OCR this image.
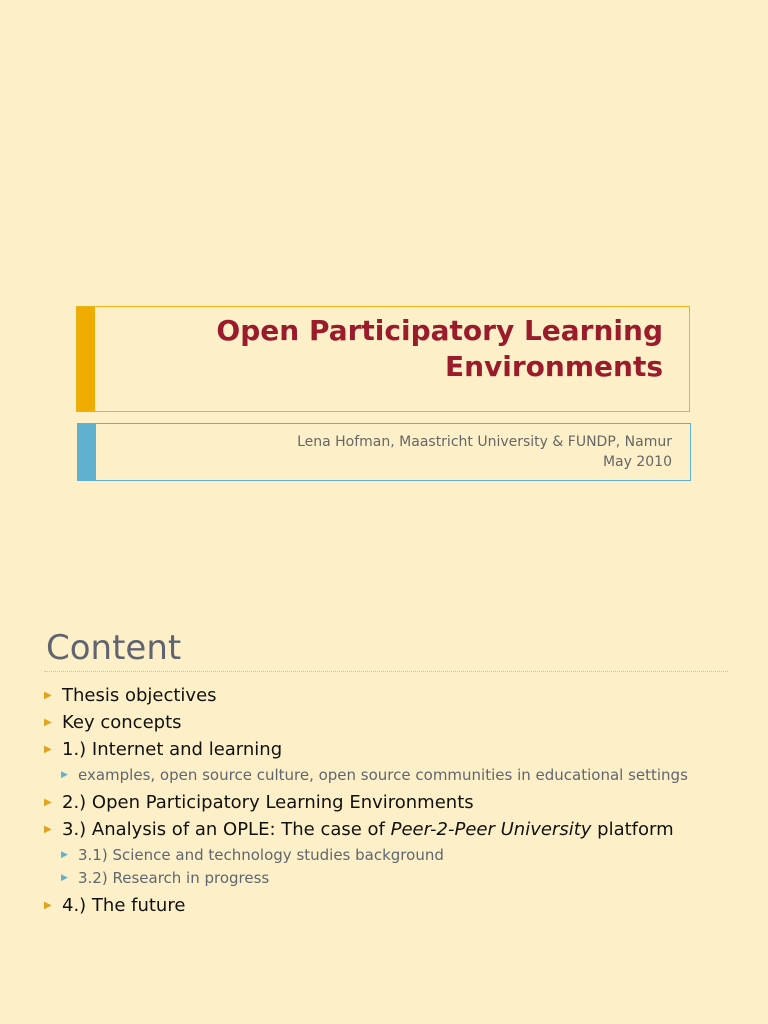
Open Participatory Learning
Environments
Lena Hofman, Maastricht University & FUNDP, Namur
May 2010
Content
▶ Thesis objectives
▶ Key concepts
▶ 1.) Internet and learning
▶ examples, open source culture, open source communities in educational settings
▶ 2.) Open Participatory Learning Environments
▶ 3.) Analysis of an OPLE: The case of Peer-2-Peer University platform
▶ 3.1) Science and technology studies background
▶ 3.2) Research in progress
▶ 4.) The future
